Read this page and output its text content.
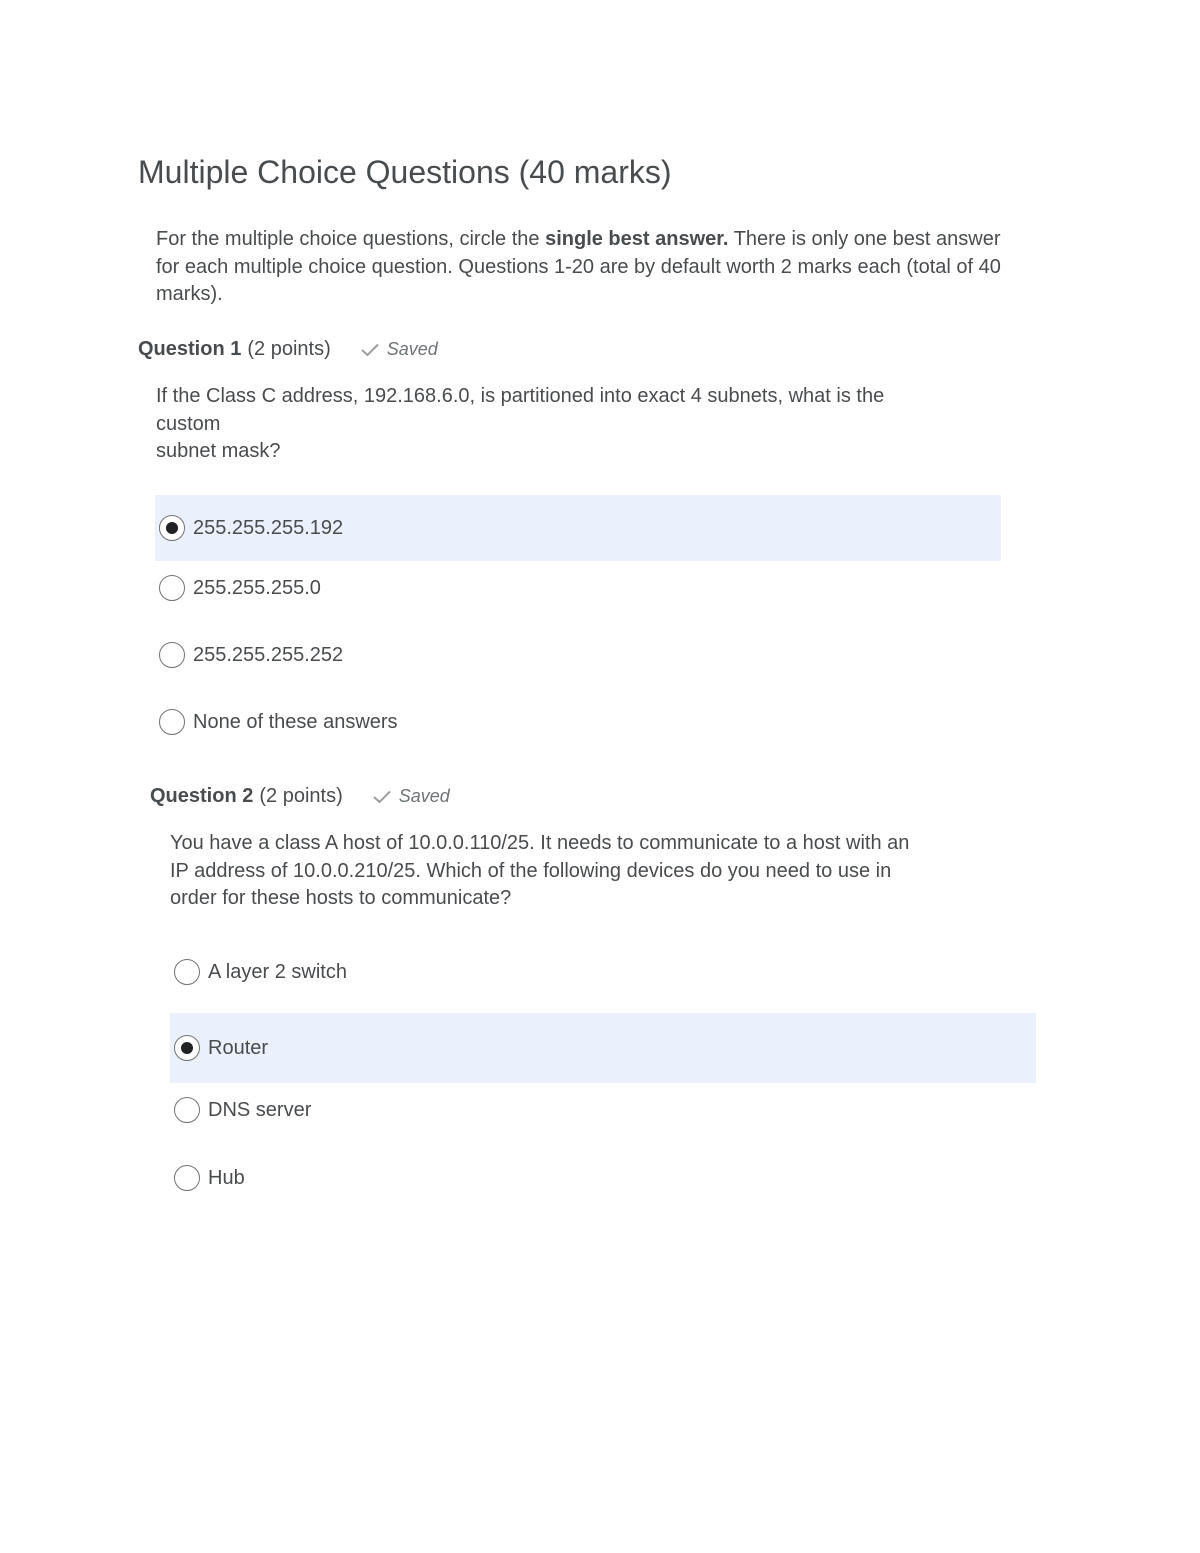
Multiple Choice Questions (40 marks)

For the multiple choice questions, circle the single best answer. There is only one best answer for each multiple choice question. Questions 1-20 are by default worth 2 marks each (total of 40 marks).

Question 1 (2 points)	Saved
If the Class C address, 192.168.6.0, is partitioned into exact 4 subnets, what is the
custom
subnet mask?
255.255.255.192
255.255.255.0
255.255.255.252
None of these answers
Question 2 (2 points)	Saved
You have a class A host of 10.0.0.110/25. It needs to communicate to a host with an
IP address of 10.0.0.210/25. Which of the following devices do you need to use in
order for these hosts to communicate?
A layer 2 switch
Router
DNS server
Hub
